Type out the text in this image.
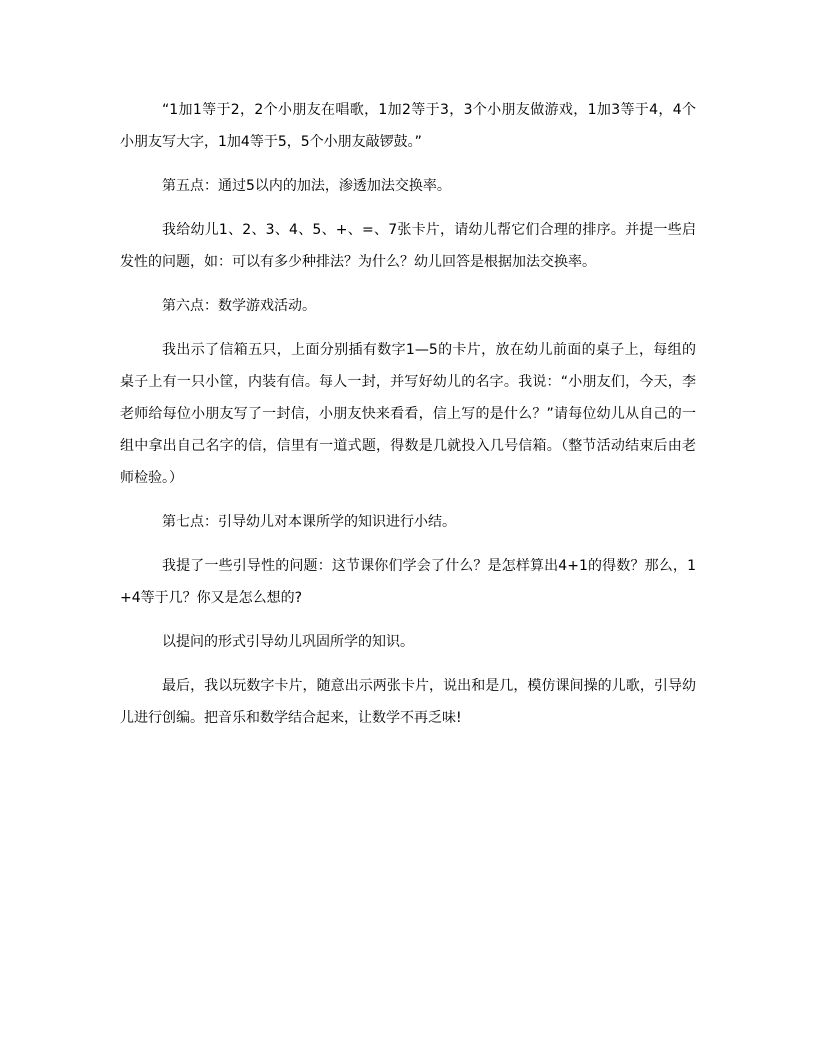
“1加1等于2，2个小朋友在唱歌，1加2等于3，3个小朋友做游戏，1加3等于4，4个小朋友写大字，1加4等于5，5个小朋友敲锣鼓。”

第五点：通过5以内的加法，渗透加法交换率。

我给幼儿1、2、3、4、5、+、=、7张卡片，请幼儿帮它们合理的排序。并提一些启发性的问题，如：可以有多少种排法？为什么？幼儿回答是根据加法交换率。

第六点：数学游戏活动。

我出示了信箱五只，上面分别插有数字1—5的卡片，放在幼儿前面的桌子上，每组的桌子上有一只小筐，内装有信。每人一封，并写好幼儿的名字。我说：“小朋友们，今天，李老师给每位小朋友写了一封信，小朋友快来看看，信上写的是什么？”请每位幼儿从自己的一组中拿出自己名字的信，信里有一道式题，得数是几就投入几号信箱。（整节活动结束后由老师检验。）

第七点：引导幼儿对本课所学的知识进行小结。

我提了一些引导性的问题：这节课你们学会了什么？是怎样算出4+1的得数？那么，1+4等于几？你又是怎么想的?

以提问的形式引导幼儿巩固所学的知识。

最后，我以玩数字卡片，随意出示两张卡片，说出和是几，模仿课间操的儿歌，引导幼儿进行创编。把音乐和数学结合起来，让数学不再乏味!
